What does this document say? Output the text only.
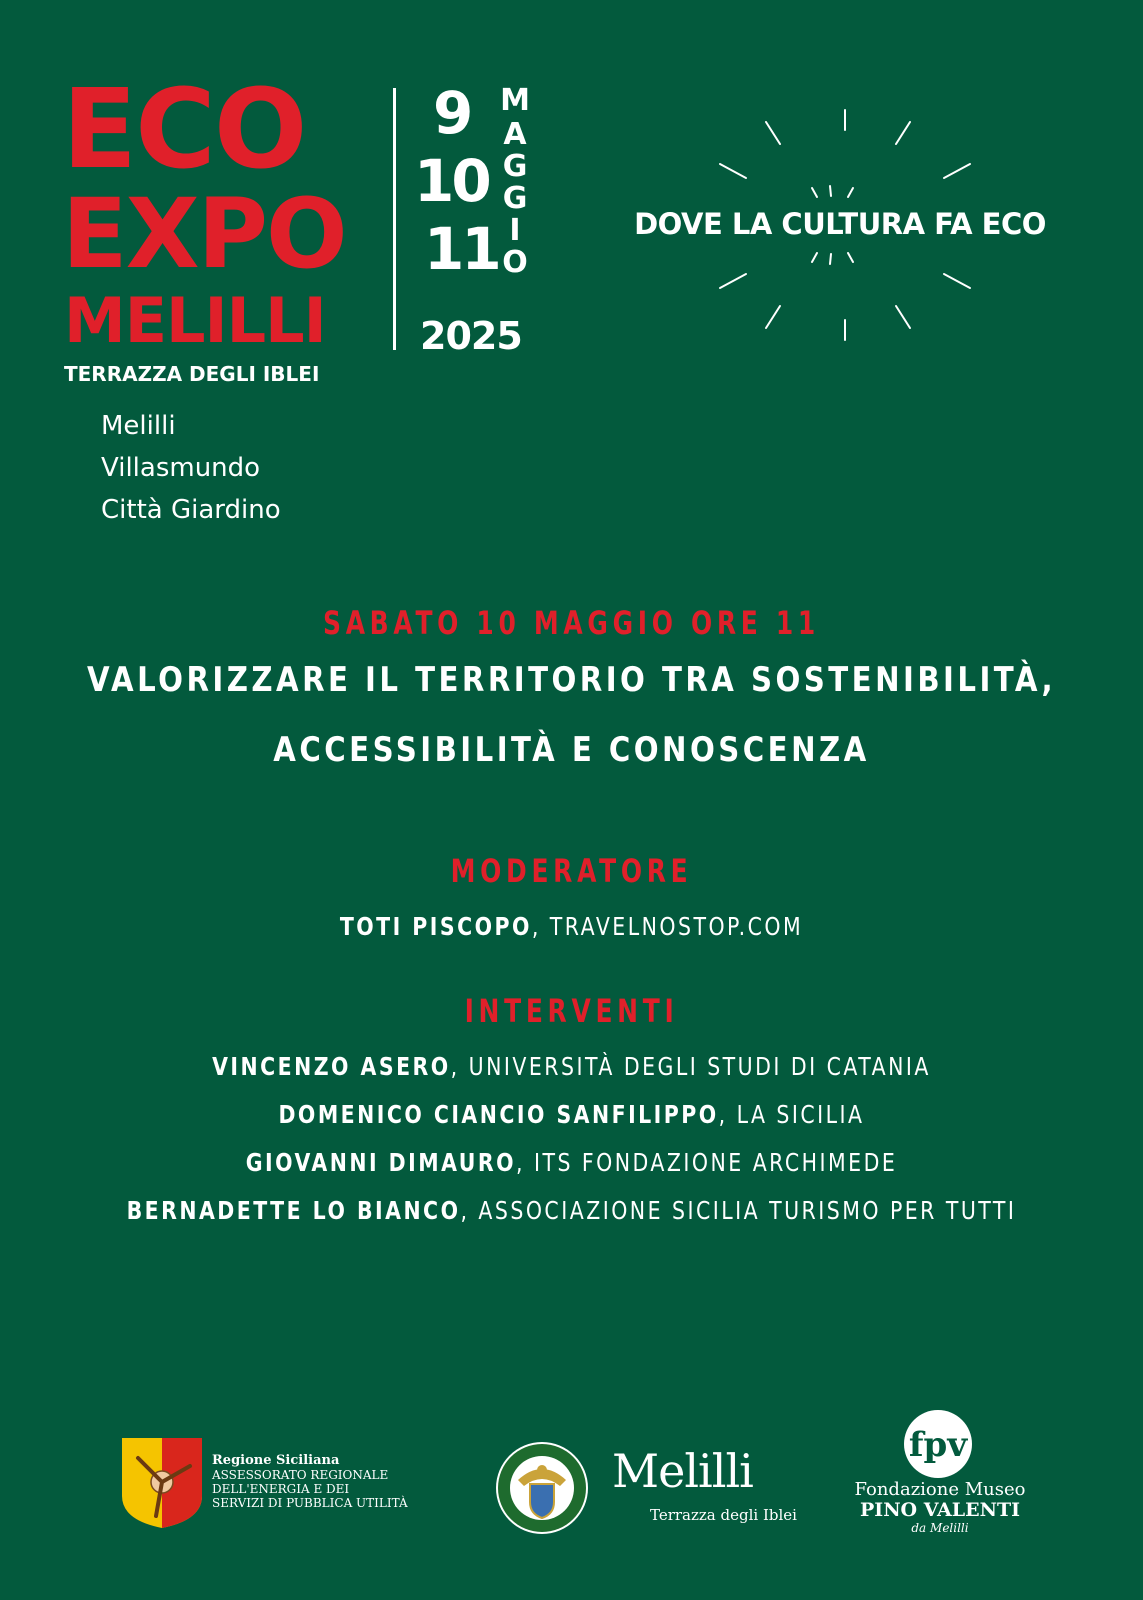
ECO
EXPO
MELILLI
TERRAZZA DEGLI IBLEI
9
10
11
M
A
G
G
I
O
2025
DOVE LA CULTURA FA ECO
Melilli
Villasmundo
Città Giardino
SABATO 10 MAGGIO ORE 11
VALORIZZARE IL TERRITORIO TRA SOSTENIBILITÀ,
ACCESSIBILITÀ E CONOSCENZA
MODERATORE
TOTI PISCOPO, TRAVELNOSTOP.COM
INTERVENTI
VINCENZO ASERO, UNIVERSITÀ DEGLI STUDI DI CATANIA
DOMENICO CIANCIO SANFILIPPO, LA SICILIA
GIOVANNI DIMAURO, ITS FONDAZIONE ARCHIMEDE
BERNADETTE LO BIANCO, ASSOCIAZIONE SICILIA TURISMO PER TUTTI
Regione Siciliana
ASSESSORATO REGIONALE
DELL'ENERGIA E DEI
SERVIZI DI PUBBLICA UTILITÀ
Melilli
Terrazza degli Iblei
fpv
Fondazione Museo
PINO VALENTI
da Melilli
